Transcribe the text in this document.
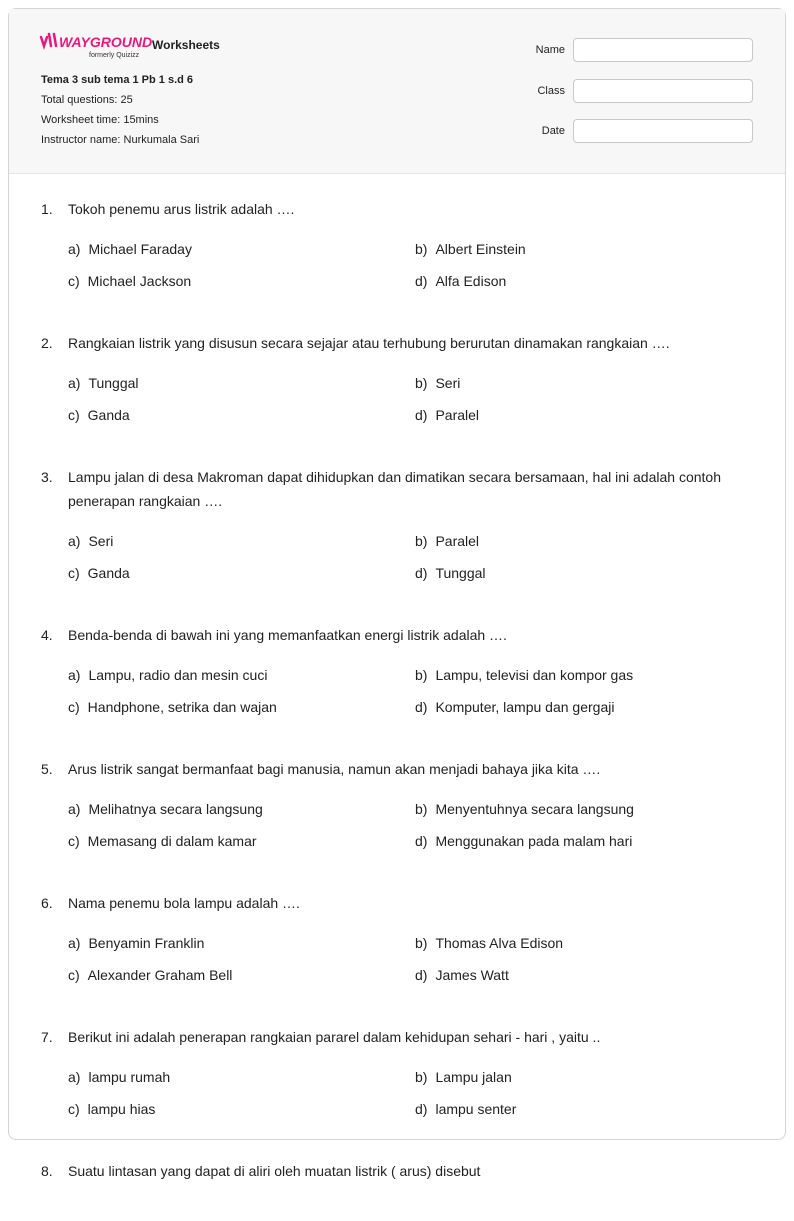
WAYGROUND
formerly Quizizz
Worksheets
Tema 3 sub tema 1 Pb 1 s.d 6
Total questions: 25
Worksheet time: 15mins
Instructor name: Nurkumala Sari
Name
Class
Date
1. Tokoh penemu arus listrik adalah ….
a) Michael Faraday	b) Albert Einstein
c) Michael Jackson	d) Alfa Edison
2. Rangkaian listrik yang disusun secara sejajar atau terhubung berurutan dinamakan rangkaian ….
a) Tunggal	b) Seri
c) Ganda	d) Paralel
3. Lampu jalan di desa Makroman dapat dihidupkan dan dimatikan secara bersamaan, hal ini adalah contoh penerapan rangkaian ….
a) Seri	b) Paralel
c) Ganda	d) Tunggal
4. Benda-benda di bawah ini yang memanfaatkan energi listrik adalah ….
a) Lampu, radio dan mesin cuci	b) Lampu, televisi dan kompor gas
c) Handphone, setrika dan wajan	d) Komputer, lampu dan gergaji
5. Arus listrik sangat bermanfaat bagi manusia, namun akan menjadi bahaya jika kita ….
a) Melihatnya secara langsung	b) Menyentuhnya secara langsung
c) Memasang di dalam kamar	d) Menggunakan pada malam hari
6. Nama penemu bola lampu adalah ….
a) Benyamin Franklin	b) Thomas Alva Edison
c) Alexander Graham Bell	d) James Watt
7. Berikut ini adalah penerapan rangkaian pararel dalam kehidupan sehari - hari , yaitu ..
a) lampu rumah	b) Lampu jalan
c) lampu hias	d) lampu senter
8. Suatu lintasan yang dapat di aliri oleh muatan listrik ( arus) disebut
